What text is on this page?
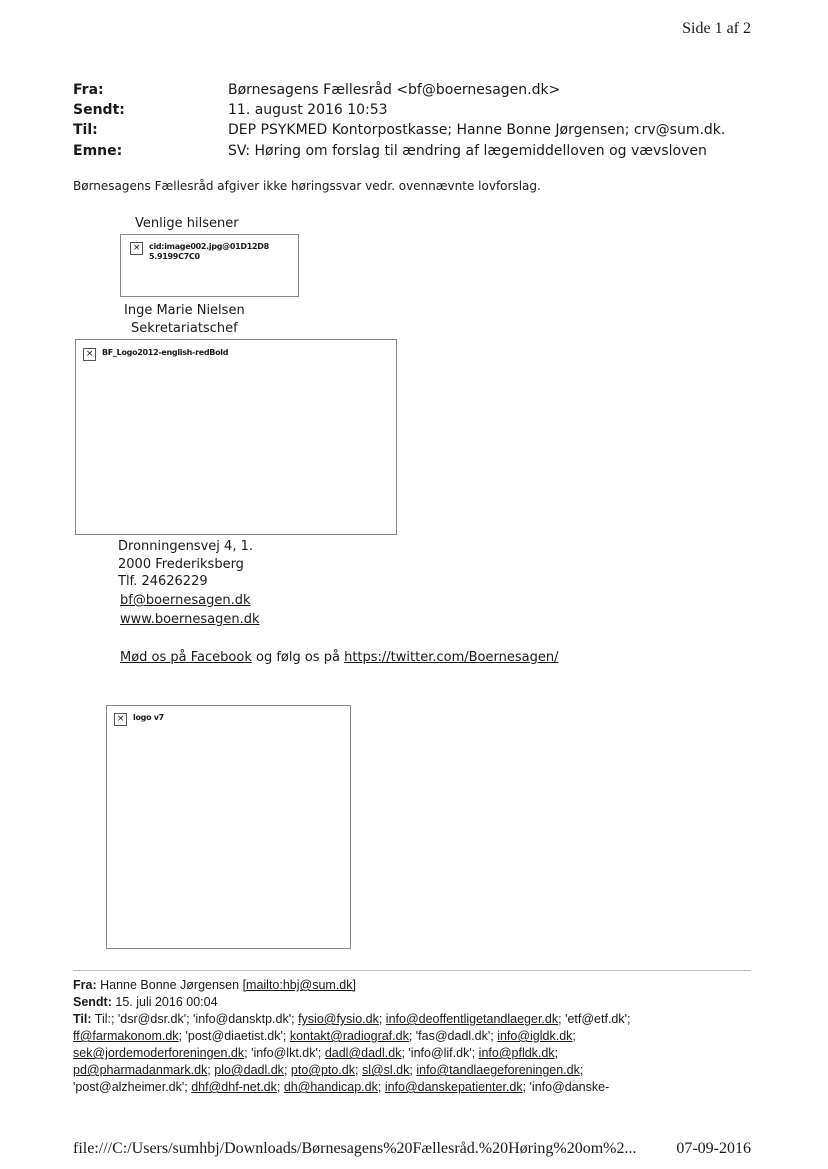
Side 1 af 2
Fra:	Børnesagens Fællesråd <bf@boernesagen.dk>
Sendt:	11. august 2016 10:53
Til:	DEP PSYKMED Kontorpostkasse; Hanne Bonne Jørgensen; crv@sum.dk.
Emne:	SV: Høring om forslag til ændring af lægemiddelloven og vævsloven
Børnesagens Fællesråd afgiver ikke høringssvar vedr. ovennævnte lovforslag.
Venlige hilsener
×	cid:image002.jpg@01D12D8
5.9199C7C0
Inge Marie Nielsen
Sekretariatschef
×	BF_Logo2012-english-redBold
Dronningensvej 4, 1.
2000 Frederiksberg
Tlf. 24626229
bf@boernesagen.dk
www.boernesagen.dk
Mød os på Facebook og følg os på https://twitter.com/Boernesagen/
×	logo v7
Fra: Hanne Bonne Jørgensen [mailto:hbj@sum.dk]
Sendt: 15. juli 2016 00:04
Til: Til:; 'dsr@dsr.dk'; 'info@dansktp.dk'; fysio@fysio.dk; info@deoffentligetandlaeger.dk; 'etf@etf.dk';
ff@farmakonom.dk; 'post@diaetist.dk'; kontakt@radiograf.dk; 'fas@dadl.dk'; info@igldk.dk;
sek@jordemoderforeningen.dk; 'info@lkt.dk'; dadl@dadl.dk; 'info@lif.dk'; info@pfldk.dk;
pd@pharmadanmark.dk; plo@dadl.dk; pto@pto.dk; sl@sl.dk; info@tandlaegeforeningen.dk;
'post@alzheimer.dk'; dhf@dhf-net.dk; dh@handicap.dk; info@danskepatienter.dk; 'info@danske-
file:///C:/Users/sumhbj/Downloads/Børnesagens%20Fællesråd.%20Høring%20om%2... 07-09-2016
